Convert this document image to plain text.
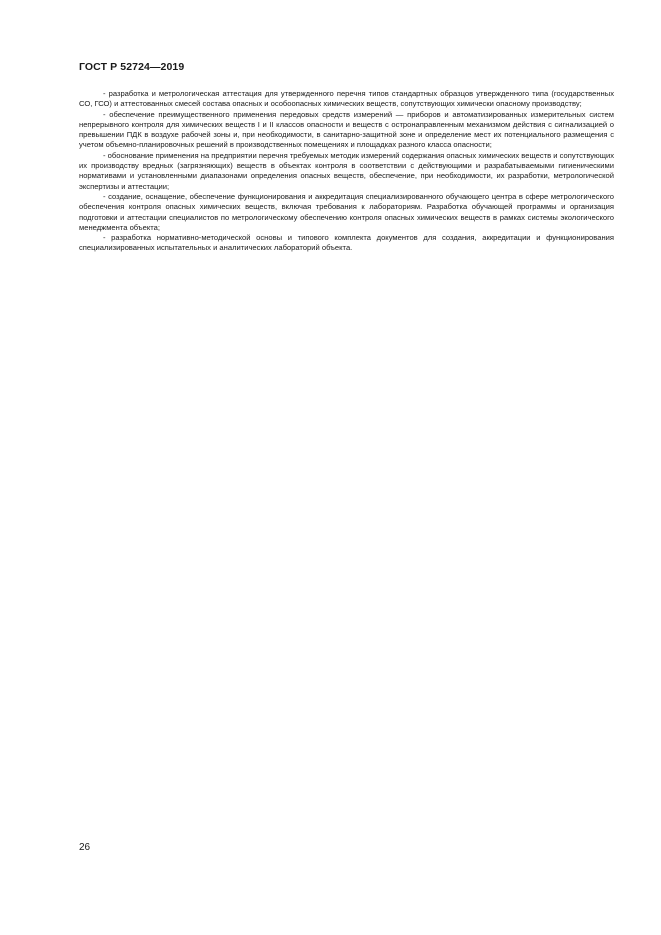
ГОСТ Р 52724—2019

- разработка и метрологическая аттестация для утвержденного перечня типов стандартных образцов утвержденного типа (государственных СО, ГСО) и аттестованных смесей состава опасных и особоопасных химических веществ, сопутствующих химически опасному производству;

- обеспечение преимущественного применения передовых средств измерений — приборов и автоматизированных измерительных систем непрерывного контроля для химических веществ I и II классов опасности и веществ с остронаправленным механизмом действия с сигнализацией о превышении ПДК в воздухе рабочей зоны и, при необходимости, в санитарно-защитной зоне и определение мест их потенциального размещения с учетом объемно-планировочных решений в производственных помещениях и площадках разного класса опасности;

- обоснование применения на предприятии перечня требуемых методик измерений содержания опасных химических веществ и сопутствующих их производству вредных (загрязняющих) веществ в объектах контроля в соответствии с действующими и разрабатываемыми гигиеническими нормативами и установленными диапазонами определения опасных веществ, обеспечение, при необходимости, их разработки, метрологической экспертизы и аттестации;

- создание, оснащение, обеспечение функционирования и аккредитация специализированного обучающего центра в сфере метрологического обеспечения контроля опасных химических веществ, включая требования к лабораториям. Разработка обучающей программы и организация подготовки и аттестации специалистов по метрологическому обеспечению контроля опасных химических веществ в рамках системы экологического менеджмента объекта;

- разработка нормативно-методической основы и типового комплекта документов для создания, аккредитации и функционирования специализированных испытательных и аналитических лабораторий объекта.

26
